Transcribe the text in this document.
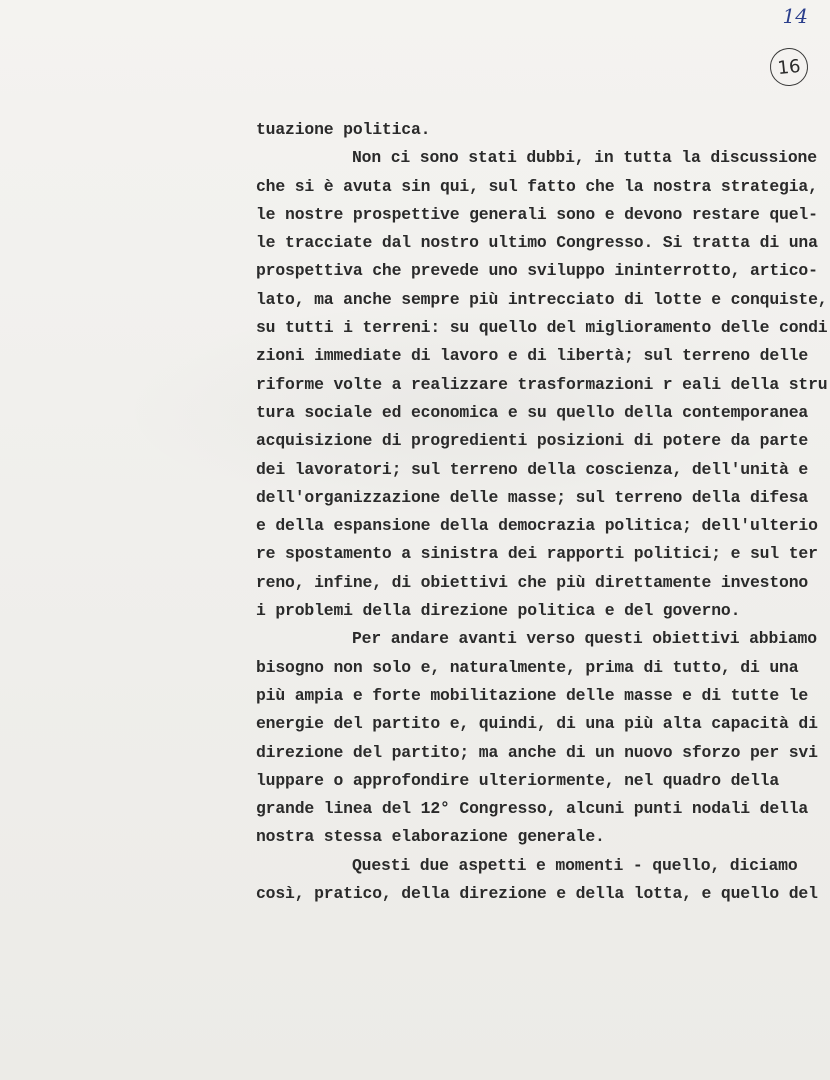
14
16
tuazione politica.
Non ci sono stati dubbi, in tutta la discussione
che si è avuta sin qui, sul fatto che la nostra strategia,
le nostre prospettive generali sono e devono restare quel-
le tracciate dal nostro ultimo Congresso. Si tratta di una
prospettiva che prevede uno sviluppo ininterrotto, artico-
lato, ma anche sempre più intrecciato di lotte e conquiste,
su tutti i terreni: su quello del miglioramento delle condi
zioni immediate di lavoro e di libertà; sul terreno delle
riforme volte a realizzare trasformazioni r eali della stru
tura sociale ed economica e su quello della contemporanea
acquisizione di progredienti posizioni di potere da parte
dei lavoratori; sul terreno della coscienza, dell'unità e
dell'organizzazione delle masse; sul terreno della difesa
e della espansione della democrazia politica; dell'ulterio
re spostamento a sinistra dei rapporti politici; e sul ter
reno, infine, di obiettivi che più direttamente investono
i problemi della direzione politica e del governo.
Per andare avanti verso questi obiettivi abbiamo
bisogno non solo e, naturalmente, prima di tutto, di una
più ampia e forte mobilitazione delle masse e di tutte le
energie del partito e, quindi, di una più alta capacità di
direzione del partito; ma anche di un nuovo sforzo per svi
luppare o approfondire ulteriormente, nel quadro della
grande linea del 12° Congresso, alcuni punti nodali della
nostra stessa elaborazione generale.
Questi due aspetti e momenti - quello, diciamo
così, pratico, della direzione e della lotta, e quello del
